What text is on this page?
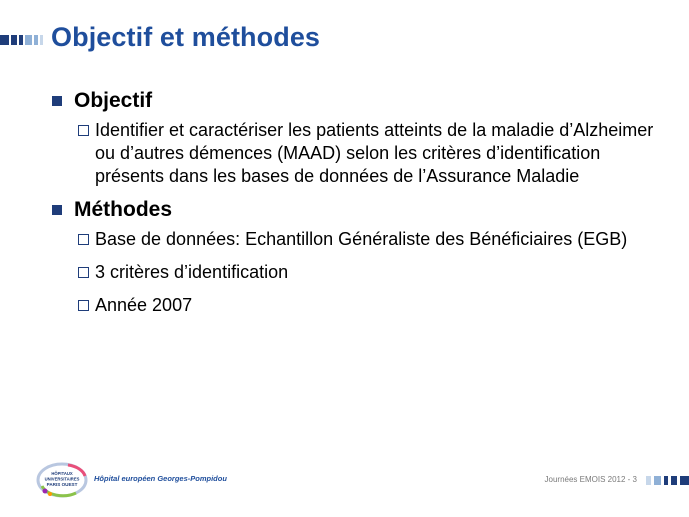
Objectif et méthodes
Objectif
Identifier et caractériser les patients atteints de la maladie d’Alzheimer ou d’autres démences (MAAD) selon les critères d’identification présents dans les bases de données de l’Assurance Maladie
Méthodes
Base de données: Echantillon Généraliste des Bénéficiaires (EGB)
3 critères d’identification
Année 2007
HÔPITAUX
UNIVERSITAIRES
PARIS OUEST
Hôpital européen Georges-Pompidou	Journées EMOIS 2012 - 3
